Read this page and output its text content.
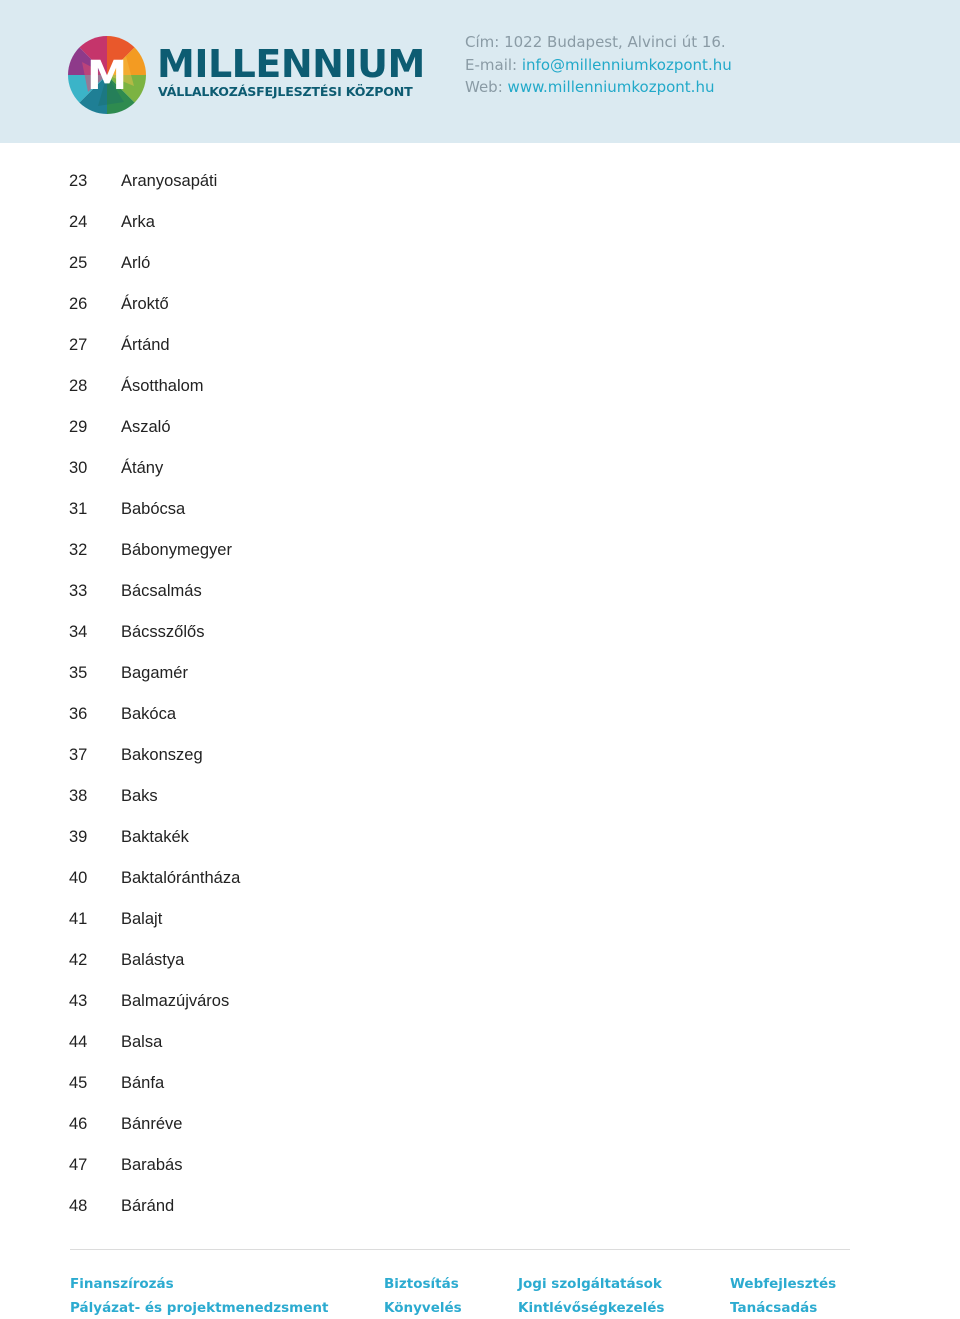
M MILLENNIUM
VÁLLALKOZÁSFEJLESZTÉSI KÖZPONT
Cím: 1022 Budapest, Alvinci út 16.
E-mail: info@millenniumkozpont.hu
Web: www.millenniumkozpont.hu
23 Aranyosapáti
24 Arka
25 Arló
26 Ároktő
27 Ártánd
28 Ásotthalom
29 Aszaló
30 Átány
31 Babócsa
32 Bábonymegyer
33 Bácsalmás
34 Bácsszőlős
35 Bagamér
36 Bakóca
37 Bakonszeg
38 Baks
39 Baktakék
40 Baktalórántháza
41 Balajt
42 Balástya
43 Balmazújváros
44 Balsa
45 Bánfa
46 Bánréve
47 Barabás
48 Báránd
Finanszírozás
Pályázat- és projektmenedzsment
Biztosítás
Könyvelés
Jogi szolgáltatások
Kintlévőségkezelés
Webfejlesztés
Tanácsadás
